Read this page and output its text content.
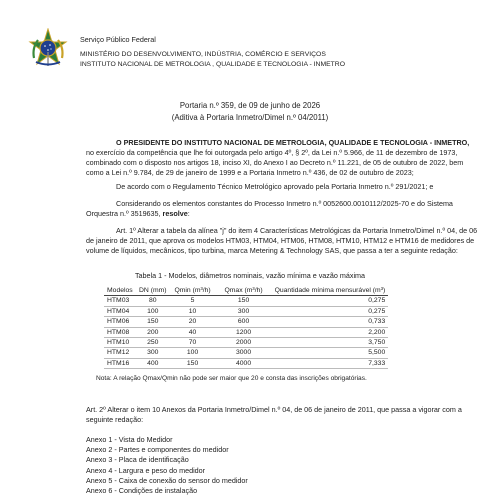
Serviço Público Federal
MINISTÉRIO DO DESENVOLVIMENTO, INDÚSTRIA, COMÉRCIO E SERVIÇOS
INSTITUTO NACIONAL DE METROLOGIA , QUALIDADE E TECNOLOGIA - INMETRO
Portaria n.º 359, de 09 de junho de 2026
(Aditiva à Portaria Inmetro/Dimel n.º 04/2011)

O PRESIDENTE DO INSTITUTO NACIONAL DE METROLOGIA, QUALIDADE E TECNOLOGIA - INMETRO, no exercício da competência que lhe foi outorgada pelo artigo 4º, § 2º, da Lei n.º 5.966, de 11 de dezembro de 1973, combinado com o disposto nos artigos 18, inciso XI, do Anexo I ao Decreto n.º 11.221, de 05 de outubro de 2022, bem como a Lei n.º 9.784, de 29 de janeiro de 1999 e a Portaria Inmetro n.º 436, de 02 de outubro de 2023;

De acordo com o Regulamento Técnico Metrológico aprovado pela Portaria Inmetro n.º 291/2021; e

Considerando os elementos constantes do Processo Inmetro n.º 0052600.0010112/2025-70 e do Sistema Orquestra n.º 3519635, resolve:

Art. 1º Alterar a tabela da alínea "j" do item 4 Características Metrológicas da Portaria Inmetro/Dimel n.º 04, de 06 de janeiro de 2011, que aprova os modelos HTM03, HTM04, HTM06, HTM08, HTM10, HTM12 e HTM16 de medidores de volume de líquidos, mecânicos, tipo turbina, marca Metering & Technology SAS, que passa a ter a seguinte redação:

Tabela 1 - Modelos, diâmetros nominais, vazão mínima e vazão máxima
Modelos	DN (mm)	Qmin (m³/h)	Qmax (m³/h)	Quantidade mínima mensurável (m³)
HTM03	80	5	150	0,275
HTM04	100	10	300	0,275
HTM06	150	20	600	0,733
HTM08	200	40	1200	2,200
HTM10	250	70	2000	3,750
HTM12	300	100	3000	5,500
HTM16	400	150	4000	7,333
Nota: A relação Qmax/Qmin não pode ser maior que 20 e consta das inscrições obrigatórias.

Art. 2º Alterar o item 10 Anexos da Portaria Inmetro/Dimel n.º 04, de 06 de janeiro de 2011, que passa a vigorar com a seguinte redação:

Anexo 1 - Vista do Medidor
Anexo 2 - Partes e componentes do medidor
Anexo 3 - Placa de identificação
Anexo 4 - Largura e peso do medidor
Anexo 5 - Caixa de conexão do sensor do medidor
Anexo 6 - Condições de instalação
